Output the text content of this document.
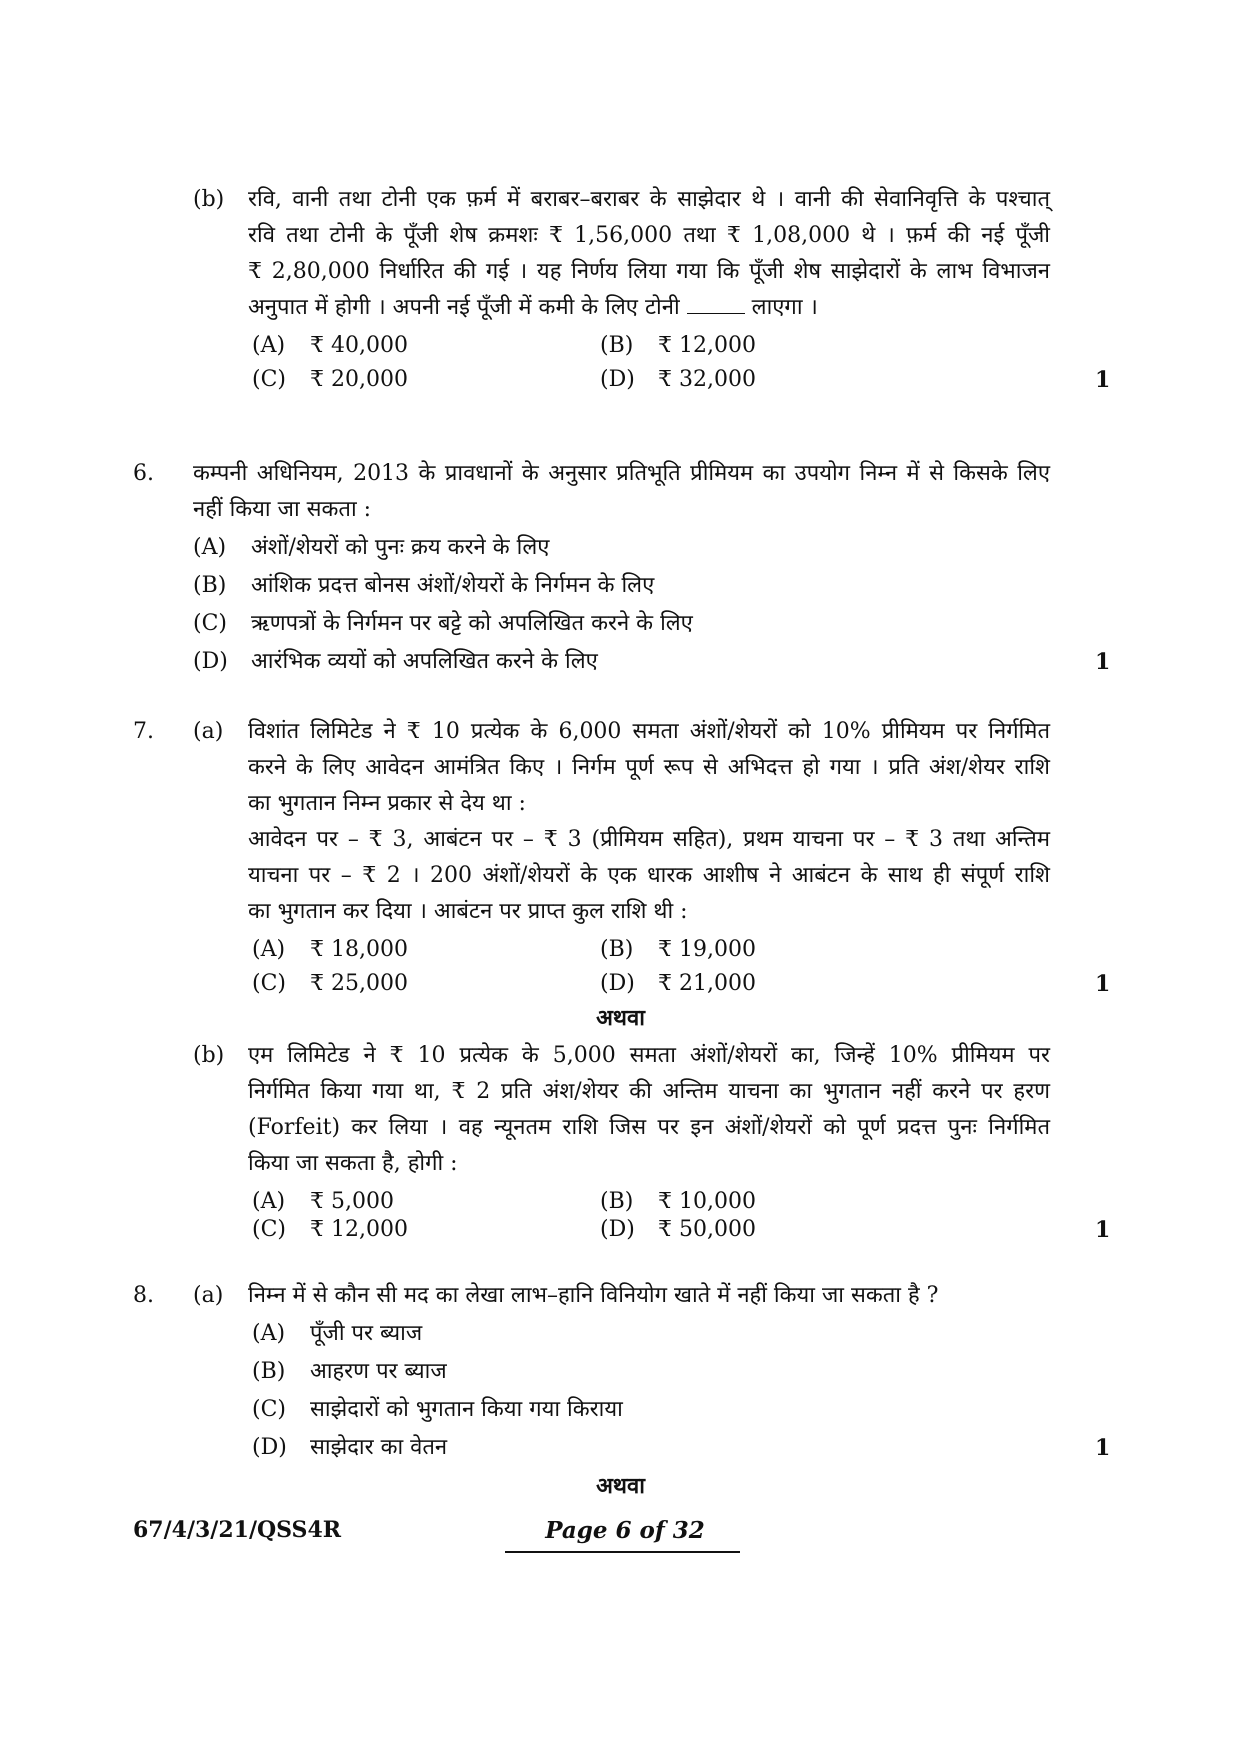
(b) रवि, वानी तथा टोनी एक फ़र्म में बराबर–बराबर के साझेदार थे । वानी की सेवानिवृत्ति के पश्चात्
रवि तथा टोनी के पूँजी शेष क्रमशः ₹ 1,56,000 तथा ₹ 1,08,000 थे । फ़र्म की नई पूँजी
₹ 2,80,000 निर्धारित की गई । यह निर्णय लिया गया कि पूँजी शेष साझेदारों के लाभ विभाजन
अनुपात में होगी । अपनी नई पूँजी में कमी के लिए टोनी	लाएगा ।
(A) ₹ 40,000	(B) ₹ 12,000
(C) ₹ 20,000	(D) ₹ 32,000	1
6. कम्पनी अधिनियम, 2013 के प्रावधानों के अनुसार प्रतिभूति प्रीमियम का उपयोग निम्न में से किसके लिए
नहीं किया जा सकता :
(A) अंशों/शेयरों को पुनः क्रय करने के लिए
(B) आंशिक प्रदत्त बोनस अंशों/शेयरों के निर्गमन के लिए
(C) ऋणपत्रों के निर्गमन पर बट्टे को अपलिखित करने के लिए
(D) आरंभिक व्ययों को अपलिखित करने के लिए	1
7. (a) विशांत लिमिटेड ने ₹ 10 प्रत्येक के 6,000 समता अंशों/शेयरों को 10% प्रीमियम पर निर्गमित
करने के लिए आवेदन आमंत्रित किए । निर्गम पूर्ण रूप से अभिदत्त हो गया । प्रति अंश/शेयर राशि
का भुगतान निम्न प्रकार से देय था :
आवेदन पर – ₹ 3, आबंटन पर – ₹ 3 (प्रीमियम सहित), प्रथम याचना पर – ₹ 3 तथा अन्तिम
याचना पर – ₹ 2 । 200 अंशों/शेयरों के एक धारक आशीष ने आबंटन के साथ ही संपूर्ण राशि
का भुगतान कर दिया । आबंटन पर प्राप्त कुल राशि थी :
(A) ₹ 18,000	(B) ₹ 19,000
(C) ₹ 25,000	(D) ₹ 21,000	1
अथवा
(b) एम लिमिटेड ने ₹ 10 प्रत्येक के 5,000 समता अंशों/शेयरों का, जिन्हें 10% प्रीमियम पर
निर्गमित किया गया था, ₹ 2 प्रति अंश/शेयर की अन्तिम याचना का भुगतान नहीं करने पर हरण
(Forfeit) कर लिया । वह न्यूनतम राशि जिस पर इन अंशों/शेयरों को पूर्ण प्रदत्त पुनः निर्गमित
किया जा सकता है, होगी :
(A) ₹ 5,000	(B) ₹ 10,000
(C) ₹ 12,000	(D) ₹ 50,000	1
8. (a) निम्न में से कौन सी मद का लेखा लाभ–हानि विनियोग खाते में नहीं किया जा सकता है ?
(A) पूँजी पर ब्याज
(B) आहरण पर ब्याज
(C) साझेदारों को भुगतान किया गया किराया
(D) साझेदार का वेतन	1
अथवा
67/4/3/21/QSS4R	Page 6 of 32
